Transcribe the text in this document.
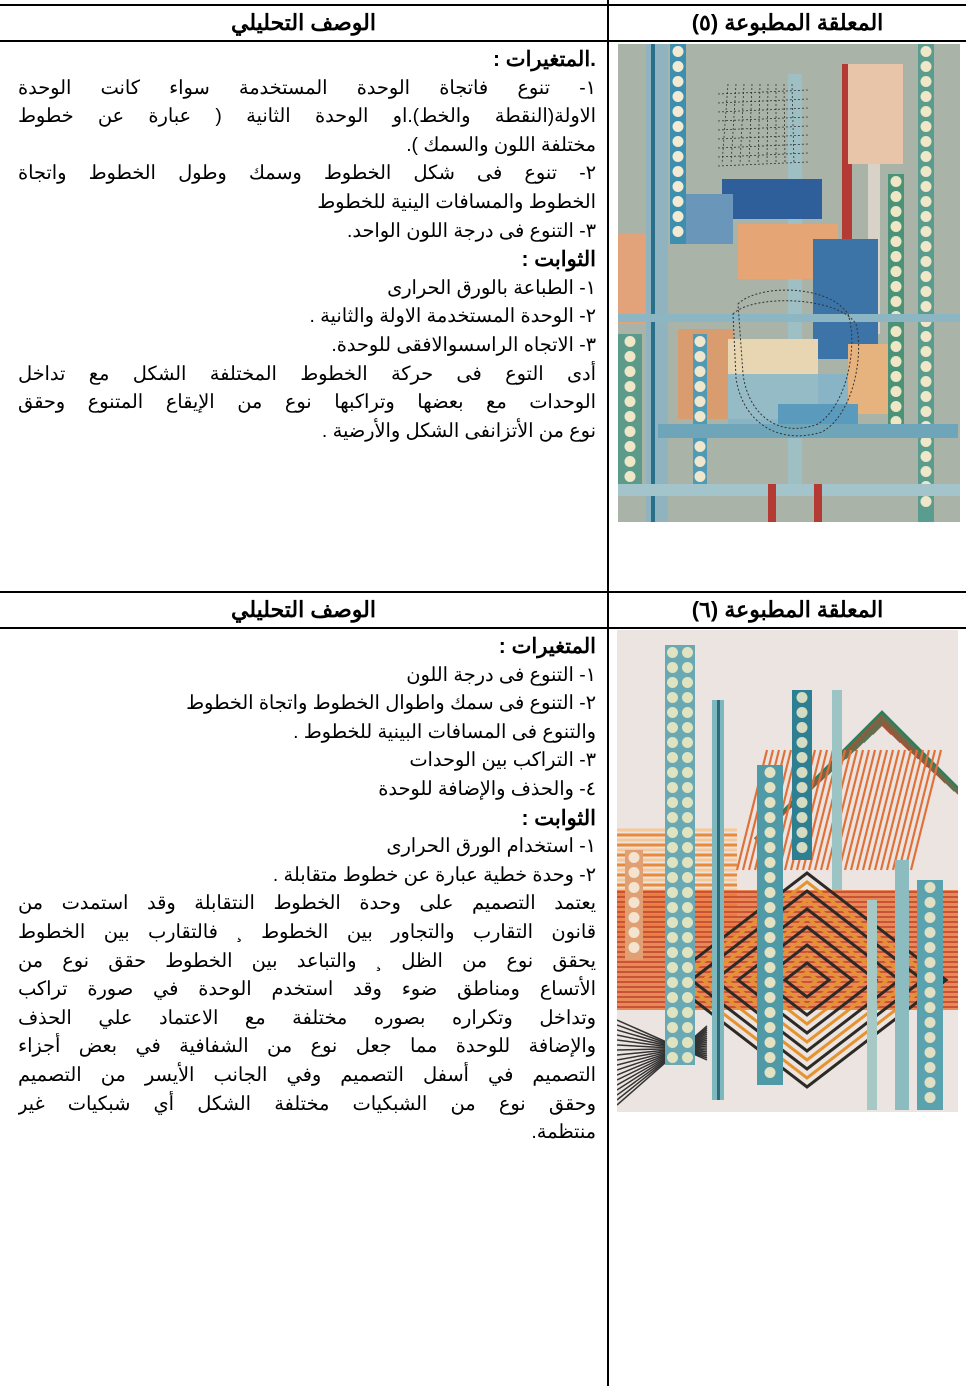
المعلقة المطبوعة (٥)
الوصف التحليلي
.المتغيرات :
١- تنوع فاتجاة الوحدة المستخدمة سواء كانت الوحدة
الاولة(النقطة والخط).او الوحدة الثانية ( عبارة عن خطوط
مختلفة اللون والسمك ).
٢- تنوع فى شكل الخطوط وسمك وطول الخطوط واتجاة
الخطوط والمسافات الينية للخطوط
٣- التنوع فى درجة اللون الواحد.
الثوابت :
١- الطباعة بالورق الحرارى
٢- الوحدة المستخدمة الاولة والثانية .
٣- الاتجاه الراسسوالافقى للوحدة.
أدى التوع فى حركة الخطوط المختلفة الشكل مع تداخل
الوحدات مع بعضها وتراكبها نوع من الإيقاع المتنوع وحقق
نوع من الأتزانفى الشكل والأرضية .
المعلقة المطبوعة (٦)
الوصف التحليلي
المتغيرات :
١- التنوع فى درجة اللون
٢- التنوع فى سمك واطوال الخطوط واتجاة الخطوط
والتنوع فى المسافات البينية للخطوط .
٣- التراكب بين الوحدات
٤- والحذف والإضافة للوحدة
الثوابت :
١- استخدام الورق الحرارى
٢- وحدة خطية عبارة عن خطوط متقابلة .
يعتمد التصميم على وحدة الخطوط النتقابلة وقد استمدت من
قانون التقارب والتجاور بين الخطوط ¸ فالتقارب بين الخطوط
يحقق نوع من الظل ¸ والتباعد بين الخطوط حقق نوع من
الأتساع ومناطق ضوء وقد استخدم الوحدة في صورة تراكب
وتداخل وتكراره بصوره مختلفة مع الاعتماد علي الحذف
والإضافة للوحدة مما جعل نوع من الشفافية في بعض أجزاء
التصميم في أسفل التصميم وفي الجانب الأيسر من التصميم
وحقق نوع من الشبكيات مختلفة الشكل أي شبكيات غير
منتظمة.
